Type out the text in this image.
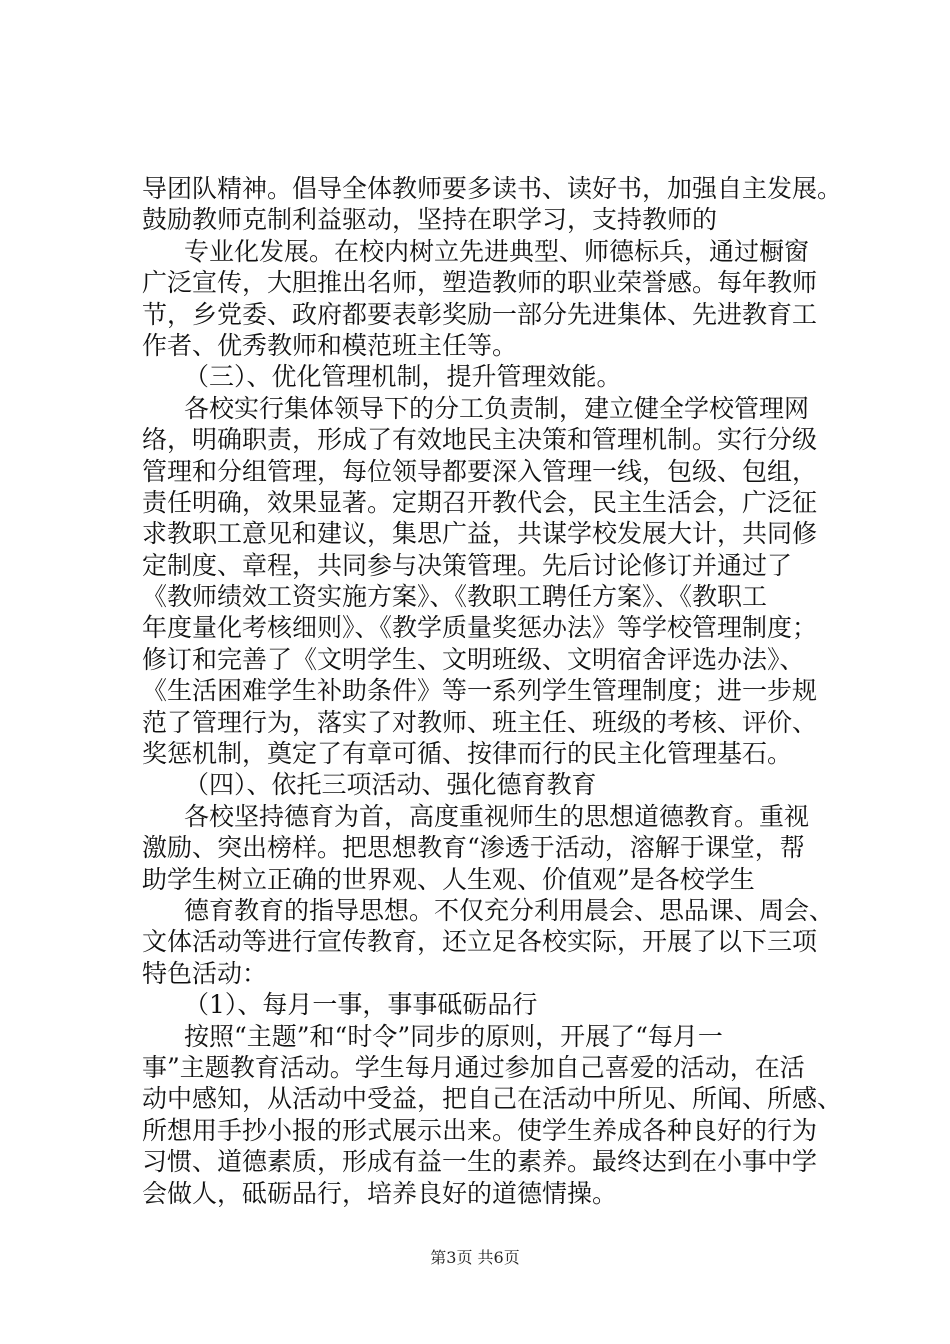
导团队精神。倡导全体教师要多读书、读好书，加强自主发展。
鼓励教师克制利益驱动，坚持在职学习，支持教师的
专业化发展。在校内树立先进典型、师德标兵，通过橱窗
广泛宣传，大胆推出名师，塑造教师的职业荣誉感。每年教师
节，乡党委、政府都要表彰奖励一部分先进集体、先进教育工
作者、优秀教师和模范班主任等。
（三）、优化管理机制，提升管理效能。
各校实行集体领导下的分工负责制，建立健全学校管理网
络，明确职责，形成了有效地民主决策和管理机制。实行分级
管理和分组管理，每位领导都要深入管理一线，包级、包组，
责任明确，效果显著。定期召开教代会，民主生活会，广泛征
求教职工意见和建议，集思广益，共谋学校发展大计，共同修
定制度、章程，共同参与决策管理。先后讨论修订并通过了
《教师绩效工资实施方案》、《教职工聘任方案》、《教职工
年度量化考核细则》、《教学质量奖惩办法》等学校管理制度；
修订和完善了《文明学生、文明班级、文明宿舍评选办法》、
《生活困难学生补助条件》等一系列学生管理制度；进一步规
范了管理行为，落实了对教师、班主任、班级的考核、评价、
奖惩机制，奠定了有章可循、按律而行的民主化管理基石。
（四）、依托三项活动、强化德育教育
各校坚持德育为首，高度重视师生的思想道德教育。重视
激励、突出榜样。把思想教育“渗透于活动，溶解于课堂，帮
助学生树立正确的世界观、人生观、价值观”是各校学生
德育教育的指导思想。不仅充分利用晨会、思品课、周会、
文体活动等进行宣传教育，还立足各校实际，开展了以下三项
特色活动：
（1）、每月一事，事事砥砺品行
按照“主题”和“时令”同步的原则，开展了“每月一
事”主题教育活动。学生每月通过参加自己喜爱的活动，在活
动中感知，从活动中受益，把自己在活动中所见、所闻、所感、
所想用手抄小报的形式展示出来。使学生养成各种良好的行为
习惯、道德素质，形成有益一生的素养。最终达到在小事中学
会做人，砥砺品行，培养良好的道德情操。
第3页 共6页
